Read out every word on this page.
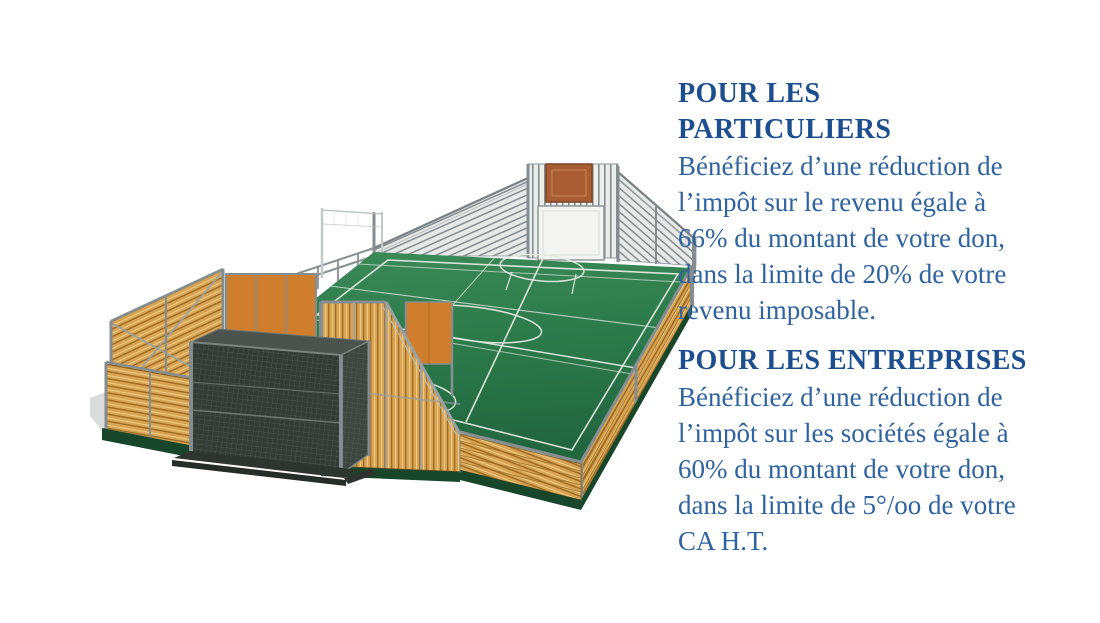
POUR LES
PARTICULIERS
Bénéficiez d’une réduction de
l’impôt sur le revenu égale à
66% du montant de votre don,
dans la limite de 20% de votre
revenu imposable.
POUR LES ENTREPRISES
Bénéficiez d’une réduction de
l’impôt sur les sociétés égale à
60% du montant de votre don,
dans la limite de 5°/oo de votre
CA H.T.
